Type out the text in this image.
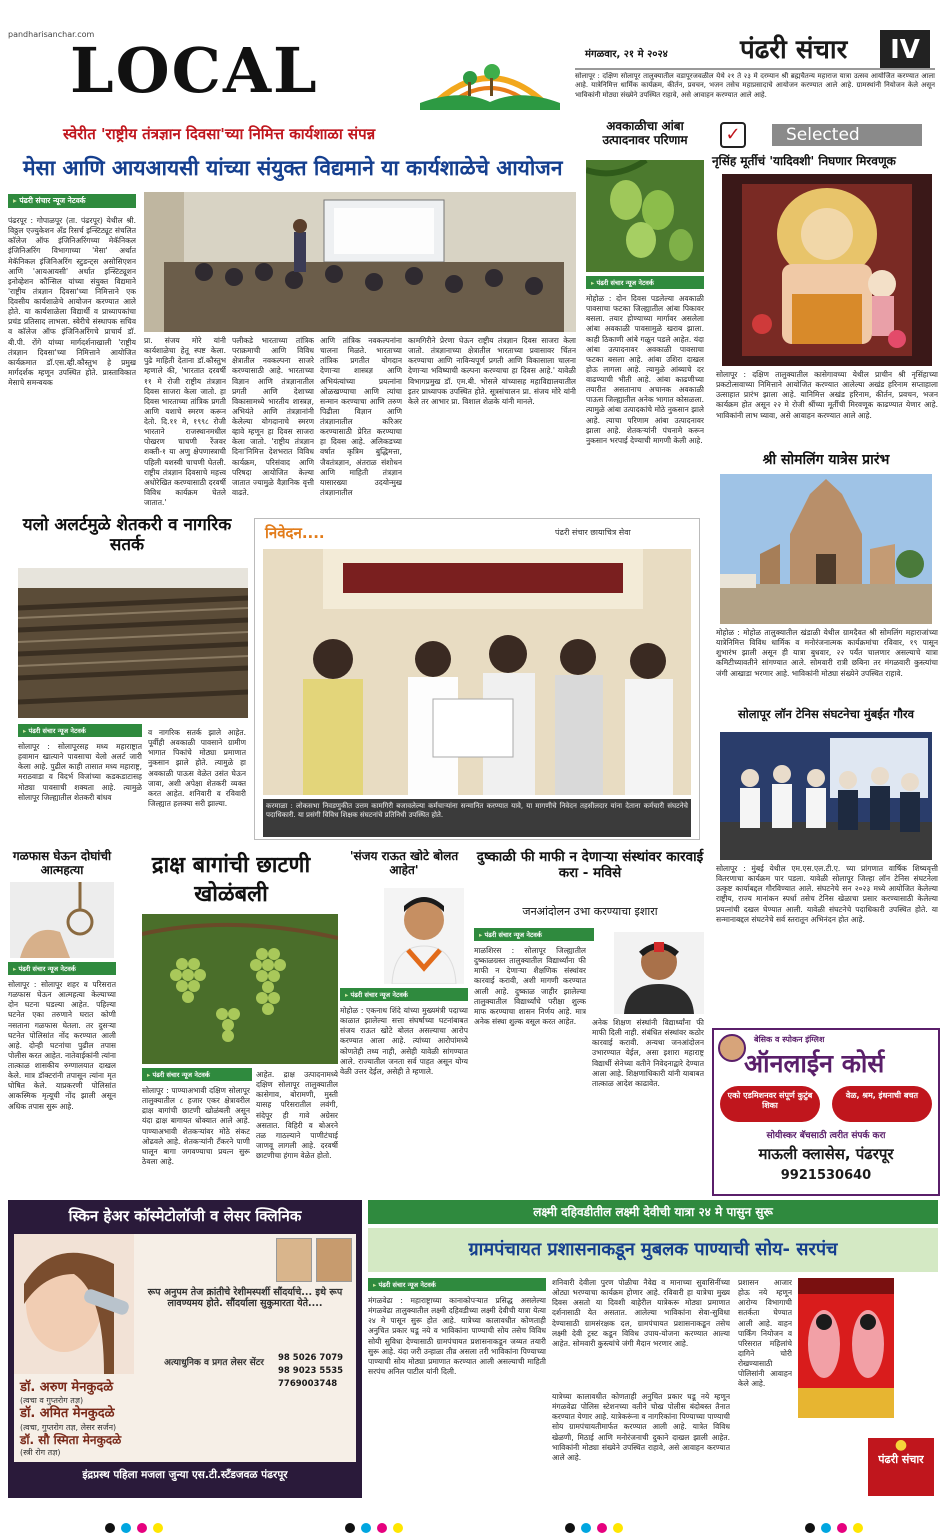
pandharisanchar.com
LOCAL	मंगळवार, २१ मे २०२४	पंढरी संचार	IV
सोलापूर : दक्षिण सोलापूर तालुक्यातील वडापूरजवळील येथे २१ ते २३ मे दरम्यान श्री ब्रह्मचैतन्य महाराज यात्रा उत्सव आयोजित करण्यात आला आहे. यात्रेनिमित्त धार्मिक कार्यक्रम, कीर्तन, प्रवचन, भजन तसेच महाप्रसादाचे आयोजन करण्यात आले आहे. ग्रामस्थांनी नियोजन केले असून भाविकांनी मोठ्या संख्येने उपस्थित राहावे, असे आवाहन करण्यात आले आहे.
स्वेरीत 'राष्ट्रीय तंत्रज्ञान दिवसा'च्या निमित्त कार्यशाळा संपन्न
मेसा आणि आयआयसी यांच्या संयुक्त विद्यमाने या कार्यशाळेचे आयोजन
▸ पंढरी संचार न्यूज नेटवर्क
पंढरपूर : गोपाळपूर (ता. पंढरपूर) येथील श्री. विठ्ठल एज्युकेशन अँड रिसर्च इन्स्टिट्यूट संचलित कॉलेज ऑफ इंजिनिअरिंगच्या मेकॅनिकल इंजिनिअरिंग विभागाच्या 'मेसा' अर्थात मेकॅनिकल इंजिनिअरिंग स्टुडन्ट्स असोसिएशन आणि 'आयआयसी' अर्थात इन्स्टिट्यूशन इनोव्हेशन कौन्सिल यांच्या संयुक्त विद्यमाने 'राष्ट्रीय तंत्रज्ञान दिवसा'च्या निमित्ताने एक दिवसीय कार्यशाळेचे आयोजन करण्यात आले होते. या कार्यशाळेला विद्यार्थी व प्राध्यापकांचा प्रचंड प्रतिसाद लाभला. स्वेरीचे संस्थापक सचिव व कॉलेज ऑफ इंजिनिअरिंगचे प्राचार्य डॉ. बी.पी. रोंगे यांच्या मार्गदर्शनाखाली 'राष्ट्रीय तंत्रज्ञान दिवसा'च्या निमित्ताने आयोजित कार्यक्रमात डॉ.एस.व्ही.कौस्तुभ हे प्रमुख मार्गदर्शक म्हणून उपस्थित होते. प्रास्ताविकात मेसाचे समन्वयक
प्रा. संजय मोरे यांनी कार्यशाळेचा हेतू स्पष्ट केला. पुढे माहिती देताना डॉ.कौस्तुभ म्हणाले की, 'भारतात दरवर्षी ११ मे रोजी राष्ट्रीय तंत्रज्ञान दिवस साजरा केला जातो. हा दिवस भारताच्या तांत्रिक प्रगती आणि यशाचे स्मरण करून देतो. दि.११ मे, १९९८ रोजी भारताने राजस्थानमधील पोखरण चाचणी रेंजवर शक्ती-१ या अणु क्षेपणास्त्राची पहिली यशस्वी चाचणी घेतली. राष्ट्रीय तंत्रज्ञान दिवसाचे महत्त्व अधोरेखित करण्यासाठी दरवर्षी विविध कार्यक्रम घेतले जातात.'
पलीकडे भारताच्या तांत्रिक पराक्रमाची आणि विविध क्षेत्रातील नवकल्पना साजरे करण्यासाठी आहे. भारताच्या विज्ञान आणि तंत्रज्ञानातील प्रगती आणि देशाच्या विकासामध्ये भारतीय शास्त्रज्ञ, अभियंते आणि तंत्रज्ञानांनी केलेल्या योगदानाचे स्मरण व्हावे म्हणून हा दिवस साजरा केला जातो. 'राष्ट्रीय तंत्रज्ञान दिना'निमित्त देशभरात विविध कार्यक्रम, परिसंवाद आणि परिषदा आयोजित केल्या जातात ज्यामुळे वैज्ञानिक वृत्ती वाढते.
आणि तांत्रिक नवकल्पनांना चालना मिळते. भारताच्या तांत्रिक प्रगतीत योगदान देणाऱ्या शास्त्रज्ञ आणि अभियंत्यांच्या प्रयत्नांना ओळखण्याचा आणि त्यांचा सन्मान करण्याचा आणि तरुण पिढीला विज्ञान आणि तंत्रज्ञानातील करिअर करण्यासाठी प्रेरित करण्याचा हा दिवस आहे. अलिकडच्या वर्षात कृत्रिम बुद्धिमत्ता, जैवतंत्रज्ञान, अंतराळ संशोधन आणि माहिती तंत्रज्ञान यासारख्या उदयोन्मुख तंत्रज्ञानातील
कामगिरीने प्रेरणा घेऊन राष्ट्रीय तंत्रज्ञान दिवस साजरा केला जातो. तंत्रज्ञानाच्या क्षेत्रातील भारताच्या प्रवासावर चिंतन करण्याचा आणि नाविन्यपूर्ण प्रगती आणि विकासाला चालना देणाऱ्या भविष्याची कल्पना करण्याचा हा दिवस आहे.' यावेळी विभागप्रमुख डॉ. एम.बी. भोसले यांच्यासह महाविद्यालयातील इतर प्राध्यापक उपस्थित होते. सूत्रसंचालन प्रा. संजय मोरे यांनी केले तर आभार प्रा. विशाल शेळके यांनी मानले.
अवकाळीचा आंबा उत्पादनावर परिणाम
▸ पंढरी संचार न्यूज नेटवर्क
मोहोळ : दोन दिवस पडलेल्या अवकाळी पावसाचा फटका जिल्ह्यातील आंबा पिकावर बसला. तयार होण्याच्या मार्गावर असलेला आंबा अवकाळी पावसामुळे खराब झाला. काही ठिकाणी आंबे गळून पडले आहेत. यंदा आंबा उत्पादनावर अवकाळी पावसाचा फटका बसला आहे. आंबा उशिरा दाखल होऊ लागला आहे. त्यामुळे आंब्याचे दर वाढण्याची भीती आहे. आंबा काढणीच्या तयारीत असतानाच अचानक अवकाळी पाऊस जिल्ह्यातील अनेक भागात कोसळला. त्यामुळे आंबा उत्पादकांचे मोठे नुकसान झाले आहे. त्याचा परिणाम आंबा उत्पादनावर झाला आहे. शेतकऱ्यांनी पंचनामे करून नुकसान भरपाई देण्याची मागणी केली आहे.
✓	Selected
नृसिंह मूर्तीचं 'यादिवशी' निघणार मिरवणूक
सोलापूर : दक्षिण तालुक्यातील कासेगावच्या येथील प्राचीन श्री नृसिंहाच्या प्रकटोत्सवाच्या निमित्ताने आयोजित करण्यात आलेल्या अखंड हरिनाम सप्ताहाला उत्साहात प्रारंभ झाला आहे. यानिमित्त अखंड हरिनाम, कीर्तन, प्रवचन, भजन कार्यक्रम होत असून २२ मे रोजी श्रींच्या मूर्तीची मिरवणूक काढण्यात येणार आहे. भाविकांनी लाभ घ्यावा, असे आवाहन करण्यात आले आहे.
श्री सोमलिंग यात्रेस प्रारंभ
मोहोळ : मोहोळ तालुक्यातील खंडाळी येथील ग्रामदैवत श्री सोमलिंग महाराजांच्या यात्रेनिमित्त विविध धार्मिक व मनोरंजनात्मक कार्यक्रमांचा रविवार, १९ पासून शुभारंभ झाली असून ही यात्रा बुधवार, २२ पर्यंत चालणार असल्याचे यात्रा कमिटीच्यावतीने सांगण्यात आले. सोमवारी रात्री छबिना तर मंगळवारी कुस्त्यांचा जंगी आखाडा भरणार आहे. भाविकांनी मोठ्या संख्येने उपस्थित राहावे.
सोलापूर लॉन टेनिस संघटनेचा मुंबईत गौरव
सोलापूर : मुंबई येथील एम.एस.एल.टी.ए. च्या प्रांगणात वार्षिक शिष्यवृत्ती वितरणाचा कार्यक्रम पार पडला. यावेळी सोलापूर जिल्हा लॉन टेनिस संघटनेला उत्कृष्ट कार्याबद्दल गौरविण्यात आले. संघटनेचे सन २०२३ मध्ये आयोजित केलेल्या राष्ट्रीय, राज्य मानांकन स्पर्धा तसेच टेनिस खेळाचा प्रसार करण्यासाठी केलेल्या प्रयत्नांची दखल घेण्यात आली. यावेळी संघटनेचे पदाधिकारी उपस्थित होते. या सन्मानाबद्दल संघटनेचे सर्व स्तरातून अभिनंदन होत आहे.
यलो अलर्टमुळे शेतकरी व नागरिक सतर्क
▸ पंढरी संचार न्यूज नेटवर्क
सोलापूर : सोलापूरसह मध्य महाराष्ट्रात हवामान खात्याने पावसाचा येलो अलर्ट जारी केला आहे. पुढील काही तासात मध्य महाराष्ट्र, मराठवाडा व विदर्भ विजांच्या कडकडाटासह मोठ्या पावसाची शक्यता आहे. त्यामुळे सोलापूर जिल्ह्यातील शेतकरी बांधव
व नागरिक सतर्क झाले आहेत. पूर्वीही अवकाळी पावसाने ग्रामीण भागात पिकांचे मोठ्या प्रमाणात नुकसान झाले होते. त्यामुळे हा अवकाळी पाऊस वेळेत उसंत घेऊन जावा, अशी अपेक्षा शेतकरी व्यक्त करत आहेत. शनिवारी व रविवारी जिल्ह्यात हलक्या सरी झाल्या.
निवेदन....	पंढरी संचार छायाचित्र सेवा
करमाळा : लोकसभा निवडणुकीत उत्तम कामगिरी बजावलेल्या कर्मचाऱ्यांना सन्मानित करण्यात यावे, या मागणीचे निवेदन तहसीलदार यांना देताना कर्मचारी संघटनेचे पदाधिकारी. या प्रसंगी विविध शिक्षक संघटनांचे प्रतिनिधी उपस्थित होते.
गळफास घेऊन दोघांची आत्महत्या
▸ पंढरी संचार न्यूज नेटवर्क
सोलापूर : सोलापूर शहर व परिसरात गळफास घेऊन आत्महत्या केल्याच्या दोन घटना घडल्या आहेत. पहिल्या घटनेत एका तरुणाने घरात कोणी नसताना गळफास घेतला. तर दुसऱ्या घटनेत पोलिसांत नोंद करण्यात आली आहे. दोन्ही घटनांचा पुढील तपास पोलीस करत आहेत. नातेवाईकांनी त्यांना तात्काळ शासकीय रुग्णालयात दाखल केले. मात्र डॉक्टरांनी तपासून त्यांना मृत घोषित केले. याप्रकरणी पोलिसांत आकस्मिक मृत्यूची नोंद झाली असून अधिक तपास सुरू आहे.
द्राक्ष बागांची छाटणी खोळंबली
▸ पंढरी संचार न्यूज नेटवर्क
सोलापूर : पाण्याअभावी दक्षिण सोलापूर तालुक्यातील ८ हजार एकर क्षेत्रावरील द्राक्ष बागांची छाटणी खोळंबली असून यंदा द्राक्ष बागायत धोक्यात आले आहे. पाण्याअभावी शेतकऱ्यांवर मोठे संकट ओढवले आहे. शेतकऱ्यांनी टँकरने पाणी घालून बागा जगवण्याचा प्रयत्न सुरू ठेवला आहे.
आहेत. द्राक्ष उत्पादनामध्ये दक्षिण सोलापूर तालुक्यातील कासेगाव, बोरामणी, मुस्ती यासह परिसरातील लवंगी, संदेपूर ही गावे अग्रेसर असतात. विहिरी व बोअरने तळ गाठल्याने पाणीटंचाई जाणवू लागली आहे. दरवर्षी छाटणीचा हंगाम वेळेत होतो.
'संजय राऊत खोटे बोलत आहेत'
▸ पंढरी संचार न्यूज नेटवर्क
मोहोळ : एकनाथ शिंदे यांच्या मुख्यमंत्री पदाच्या काळात झालेल्या सत्ता संघर्षाच्या घटनांबाबत संजय राऊत खोटे बोलत असल्याचा आरोप करण्यात आला आहे. त्यांच्या आरोपांमध्ये कोणतेही तथ्य नाही, असेही यावेळी सांगण्यात आले. राज्यातील जनता सर्व पाहत असून योग्य वेळी उत्तर देईल, असेही ते म्हणाले.
दुष्काळी फी माफी न देणाऱ्या संस्थांवर कारवाई करा - मविसे
जनआंदोलन उभा करण्याचा इशारा
▸ पंढरी संचार न्यूज नेटवर्क
माळशिरस : सोलापूर जिल्ह्यातील दुष्काळग्रस्त तालुक्यातील विद्यार्थ्यांना फी माफी न देणाऱ्या शैक्षणिक संस्थांवर कारवाई करावी, अशी मागणी करण्यात आली आहे. दुष्काळ जाहीर झालेल्या तालुक्यातील विद्यार्थ्यांचे परीक्षा शुल्क माफ करण्याचा शासन निर्णय आहे. मात्र अनेक संस्था शुल्क वसूल करत आहेत.	अनेक शिक्षण संस्थांनी विद्यार्थ्यांना फी माफी दिली नाही. संबंधित संस्थांवर कठोर कारवाई करावी. अन्यथा जनआंदोलन उभारण्यात येईल, असा इशारा महाराष्ट्र विद्यार्थी सेनेच्या वतीने निवेदनाद्वारे देण्यात आला आहे. शिक्षणाधिकारी यांनी याबाबत तात्काळ आदेश काढावेत.
बेसिक व स्पोकन इंग्लिश
ऑनलाईन कोर्स
एको एडमिशनवर संपूर्ण कुटुंब शिका
वेळ, श्रम, इंधनाची बचत
सोयीस्कर बॅचसाठी त्वरीत संपर्क करा
माऊली क्लासेस, पंढरपूर
9921530640
स्किन हेअर कॉस्मेटोलॉजी व लेसर क्लिनिक
रूप अनुपम तेज क्रांतीचे रेशीमस्पर्शी सौंदर्याचे... इथे रूप लावण्यमय होते. सौंदर्याला सुकुमारता येते....
अत्याधुनिक व प्रगत लेसर सेंटर 98 5026 7079
98 9023 5535
7769003748
डॉ. अरुण मेनकुदळे
(त्वचा व गुप्तरोग तज्ञ)
डॉ. अमित मेनकुदळे
(त्वचा, गुप्तरोग तज्ञ, लेसर सर्जन)
डॉ. सौ स्मिता मेनकुदळे
(स्त्री रोग तज्ञ)
इंद्रप्रस्थ पहिला मजला जुन्या एस.टी.स्टँडजवळ पंढरपूर
लक्ष्मी दहिवडीतील लक्ष्मी देवीची यात्रा २४ मे पासुन सुरू
ग्रामपंचायत प्रशासनाकडून मुबलक पाण्याची सोय- सरपंच
▸ पंढरी संचार न्यूज नेटवर्क
मंगळवेढा : महाराष्ट्राच्या कानाकोपऱ्यात प्रसिद्ध असलेल्या मंगळवेढा तालुक्यातील लक्ष्मी दहिवडीच्या लक्ष्मी देवीची यात्रा येत्या २४ मे पासून सुरू होत आहे. यात्रेच्या कालावधीत कोणताही अनुचित प्रकार घडू नये व भाविकांना पाण्याची सोय तसेच विविध सोयी सुविधा देण्यासाठी ग्रामपंचायत प्रशासनाकडून जय्यत तयारी सुरू आहे. यंदा जरी उन्हाळा तीव्र असला तरी भाविकांना पिण्याच्या पाण्याची सोय मोठ्या प्रमाणात करण्यात आली असल्याची माहिती सरपंच अनिल पाटील यांनी दिली.
शनिवारी देवीला पुरण पोळीचा नैवेद्य व मानाच्या सुवासिनींच्या ओट्या भरण्याचा कार्यक्रम होणार आहे. रविवारी हा यात्रेचा मुख्य दिवस असतो या दिवशी बाहेरील यात्रेकरू मोठ्या प्रमाणात दर्शनासाठी येत असतात. आलेल्या भाविकांना सेवा-सुविधा देण्यासाठी ग्रामसंरक्षक दल, ग्रामपंचायत प्रशासनाकडून तसेच लक्ष्मी देवी ट्रस्ट कडून विविध उपाय-योजना करण्यात आल्या आहेत. सोमवारी कुस्त्यांचे जंगी मैदान भरणार आहे.
यात्रेच्या कालावधीत कोणताही अनुचित प्रकार घडू नये म्हणून मंगळवेढा पोलिस स्टेशनच्या वतीने चोख पोलीस बंदोबस्त तैनात करण्यात येणार आहे. यात्रेकरूंना व नागरिकांना पिण्याच्या पाण्याची सोय ग्रामपंचायतीमार्फत करण्यात आली आहे. यात्रेत विविध खेळणी, मिठाई आणि मनोरंजनाची दुकाने दाखल झाली आहेत. भाविकांनी मोठ्या संख्येने उपस्थित राहावे, असे आवाहन करण्यात आले आहे.
प्रशासन आजार होऊ नये म्हणून आरोग्य विभागाची सतर्कता घेण्यात आली आहे. वाहन पार्किंग नियोजन व परिसरात महिलांचे दागिने चोरी रोखण्यासाठी पोलिसांनी आवाहन केले आहे.
●
पंढरी संचार
